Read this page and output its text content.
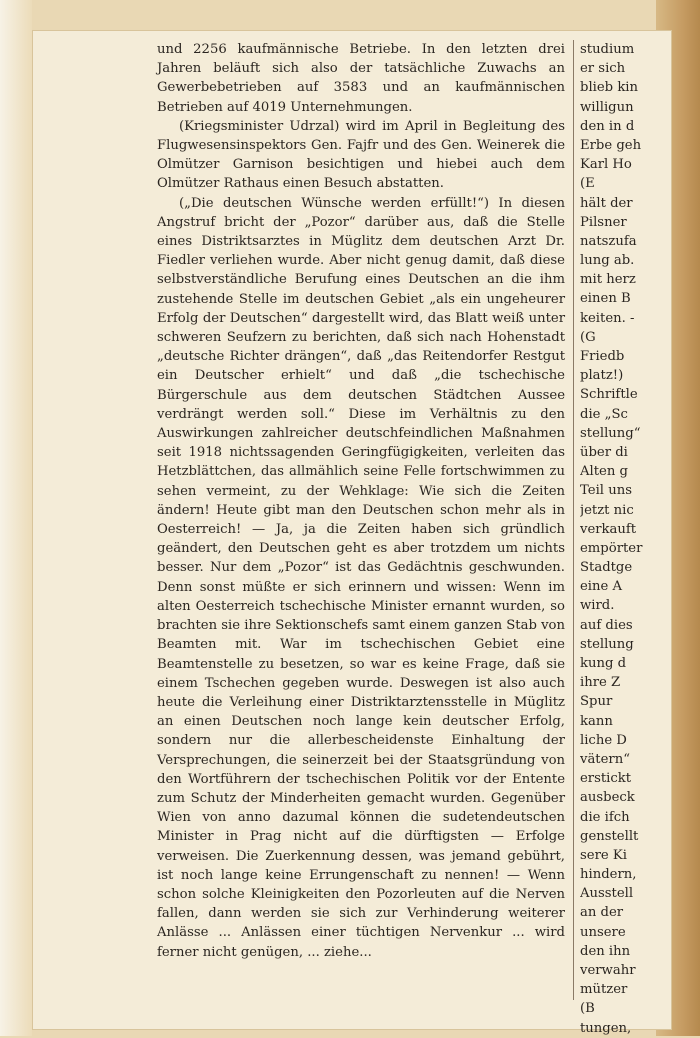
und 2256 kaufmännische Betriebe. In den letzten drei Jahren beläuft sich also der tatsächliche Zuwachs an Gewerbebetrieben auf 3583 und an kaufmännischen Betrieben auf 4019 Unternehmungen.

(Kriegsminister Udrzal) wird im April in Begleitung des Flugwesensinspektors Gen. Fajfr und des Gen. Weinerek die Olmützer Garnison besichtigen und hiebei auch dem Olmützer Rathaus einen Besuch abstatten.

(„Die deutschen Wünsche werden erfüllt!“) In diesen Angstruf bricht der „Pozor“ darüber aus, daß die Stelle eines Distriktsarztes in Müglitz dem deutschen Arzt Dr. Fiedler verliehen wurde. Aber nicht genug damit, daß diese selbstverständliche Berufung eines Deutschen an die ihm zustehende Stelle im deutschen Gebiet „als ein ungeheurer Erfolg der Deutschen“ dargestellt wird, das Blatt weiß unter schweren Seufzern zu berichten, daß sich nach Hohenstadt „deutsche Richter drängen“, daß „das Reitendorfer Restgut ein Deutscher erhielt“ und daß „die tschechische Bürgerschule aus dem deutschen Städtchen Aussee verdrängt werden soll.“ Diese im Verhältnis zu den Auswirkungen zahlreicher deutschfeindlichen Maßnahmen seit 1918 nichtssagenden Geringfügigkeiten, verleiten das Hetzblättchen, das allmählich seine Felle fortschwimmen zu sehen vermeint, zu der Wehklage: Wie sich die Zeiten ändern! Heute gibt man den Deutschen schon mehr als in Oesterreich! — Ja, ja die Zeiten haben sich gründlich geändert, den Deutschen geht es aber trotzdem um nichts besser. Nur dem „Pozor“ ist das Gedächtnis geschwunden. Denn sonst müßte er sich erinnern und wissen: Wenn im alten Oesterreich tschechische Minister ernannt wurden, so brachten sie ihre Sektionschefs samt einem ganzen Stab von Beamten mit. War im tschechischen Gebiet eine Beamtenstelle zu besetzen, so war es keine Frage, daß sie einem Tschechen gegeben wurde. Deswegen ist also auch heute die Verleihung einer Distriktarztensstelle in Müglitz an einen Deutschen noch lange kein deutscher Erfolg, sondern nur die allerbescheidenste Einhaltung der Versprechungen, die seinerzeit bei der Staatsgründung von den Wortführern der tschechischen Politik vor der Entente zum Schutz der Minderheiten gemacht wurden. Gegenüber Wien von anno dazumal können die sudetendeutschen Minister in Prag nicht auf die dürftigsten — Erfolge verweisen. Die Zuerkennung dessen, was jemand gebührt, ist noch lange keine Errungenschaft zu nennen! — Wenn schon solche Kleinigkeiten den Pozorleuten auf die Nerven fallen, dann werden sie sich zur Verhinderung weiterer Anlässe ... Anlässen einer tüchtigen Nervenkur ... wird ferner nicht genügen, ... ziehe...

studium
er sich
blieb kin
willigun
den in d
Erbe geh
Karl Ho
(E
hält der
Pilsner
natszufa
lung ab.
mit herz
einen B
keiten. -
(G
Friedb
platz!)
Schriftle
die „Sc
stellung“
über di
Alten g
Teil uns
jetzt nic
verkauft
empörter
Stadtge
eine A
wird.
auf dies
stellung
kung d
ihre Z
Spur
kann
liche D
vätern“
erstickt
ausbeck
die ifch
genstellt
sere Ki
hindern,
Ausstell
an der
unsere
den ihn
verwahr
mützer
(B
tungen,
